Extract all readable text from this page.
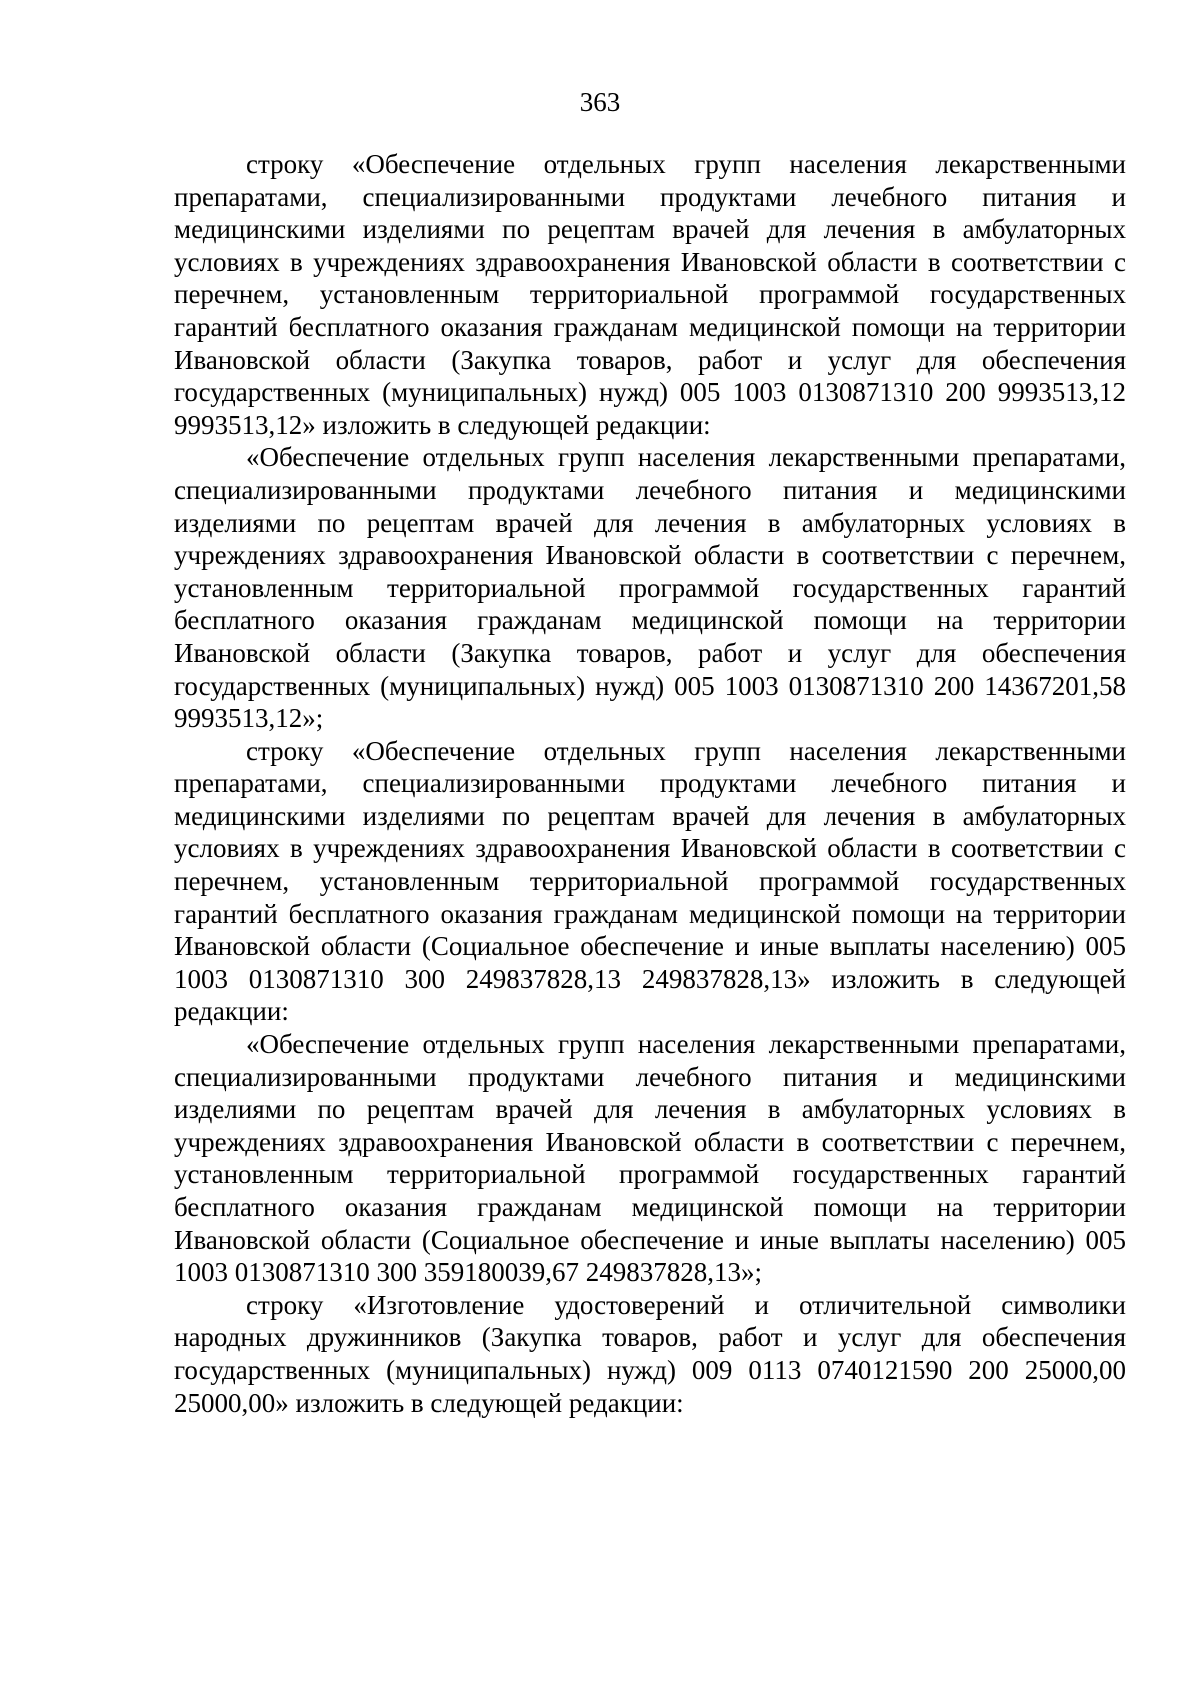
363

строку «Обеспечение отдельных групп населения лекарственными препаратами, специализированными продуктами лечебного питания и медицинскими изделиями по рецептам врачей для лечения в амбулаторных условиях в учреждениях здравоохранения Ивановской области в соответствии с перечнем, установленным территориальной программой государственных гарантий бесплатного оказания гражданам медицинской помощи на территории Ивановской области (Закупка товаров, работ и услуг для обеспечения государственных (муниципальных) нужд) 005 1003 0130871310 200 9993513,12 9993513,12» изложить в следующей редакции:

«Обеспечение отдельных групп населения лекарственными препаратами, специализированными продуктами лечебного питания и медицинскими изделиями по рецептам врачей для лечения в амбулаторных условиях в учреждениях здравоохранения Ивановской области в соответствии с перечнем, установленным территориальной программой государственных гарантий бесплатного оказания гражданам медицинской помощи на территории Ивановской области (Закупка товаров, работ и услуг для обеспечения государственных (муниципальных) нужд) 005 1003 0130871310 200 14367201,58 9993513,12»;

строку «Обеспечение отдельных групп населения лекарственными препаратами, специализированными продуктами лечебного питания и медицинскими изделиями по рецептам врачей для лечения в амбулаторных условиях в учреждениях здравоохранения Ивановской области в соответствии с перечнем, установленным территориальной программой государственных гарантий бесплатного оказания гражданам медицинской помощи на территории Ивановской области (Социальное обеспечение и иные выплаты населению) 005 1003 0130871310 300 249837828,13 249837828,13» изложить в следующей редакции:

«Обеспечение отдельных групп населения лекарственными препаратами, специализированными продуктами лечебного питания и медицинскими изделиями по рецептам врачей для лечения в амбулаторных условиях в учреждениях здравоохранения Ивановской области в соответствии с перечнем, установленным территориальной программой государственных гарантий бесплатного оказания гражданам медицинской помощи на территории Ивановской области (Социальное обеспечение и иные выплаты населению) 005 1003 0130871310 300 359180039,67 249837828,13»;

строку «Изготовление удостоверений и отличительной символики народных дружинников (Закупка товаров, работ и услуг для обеспечения государственных (муниципальных) нужд) 009 0113 0740121590 200 25000,00 25000,00» изложить в следующей редакции:
